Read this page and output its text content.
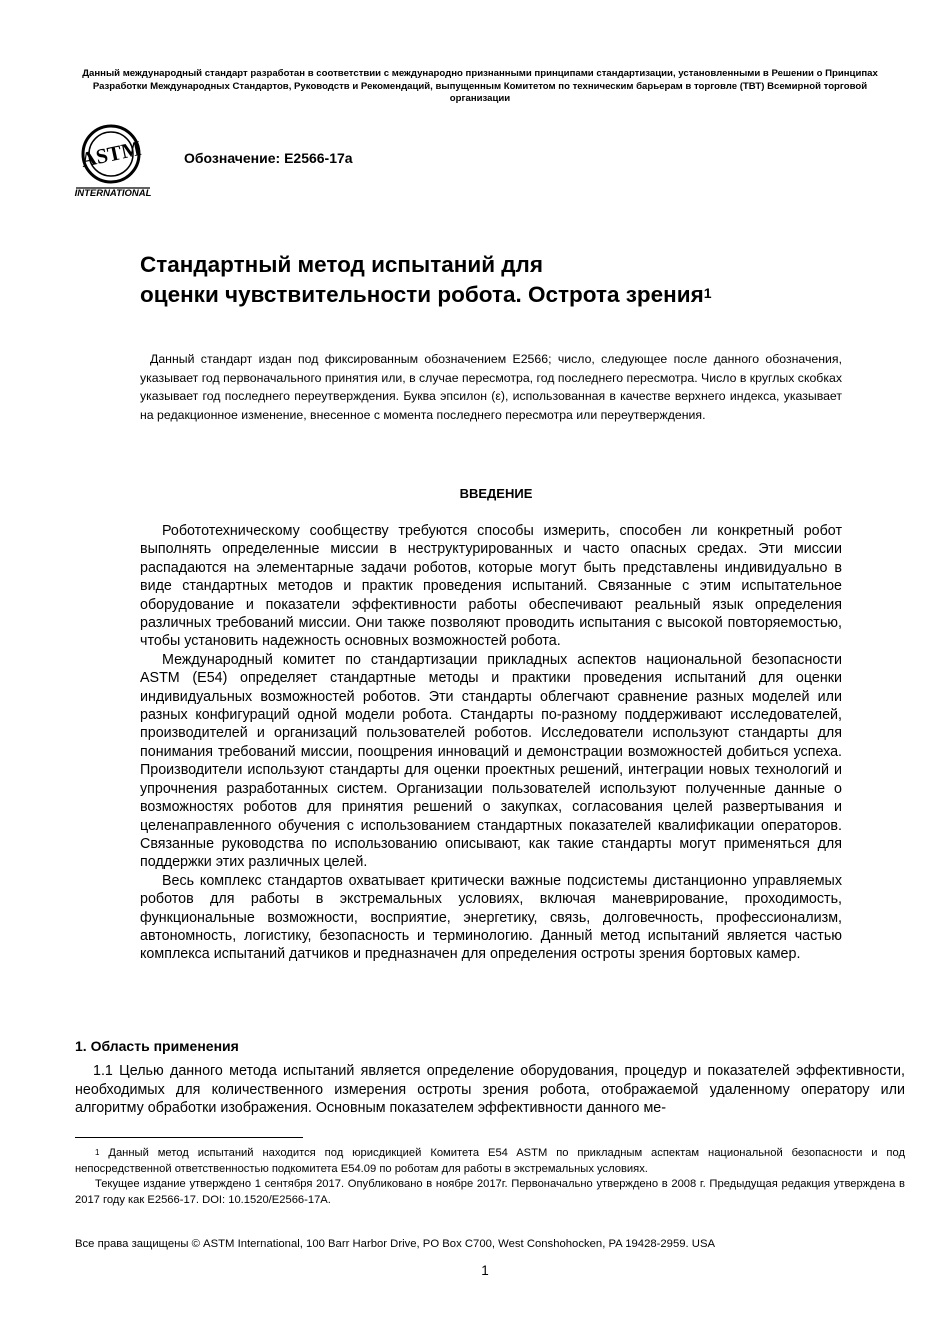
Данный международный стандарт разработан в соответствии с международно признанными принципами стандартизации, установленными в Решении о Принципах Разработки Международных Стандартов, Руководств и Рекомендаций, выпущенным Комитетом по техническим барьерам в торговле (ТВТ) Всемирной торговой организации
ASTM
INTERNATIONAL
Обозначение: E2566-17a
Стандартный метод испытаний для
оценки чувствительности робота. Острота зрения$^1$
Данный стандарт издан под фиксированным обозначением E2566; число, следующее после данного обозначения, указывает год первоначального принятия или, в случае пересмотра, год последнего пересмотра. Число в круглых скобках указывает год последнего переутверждения. Буква эпсилон (ε), использованная в качестве верхнего индекса, указывает на редакционное изменение, внесенное с момента последнего пересмотра или переутверждения.
ВВЕДЕНИЕ

Робототехническому сообществу требуются способы измерить, способен ли конкретный робот выполнять определенные миссии в неструктурированных и часто опасных средах. Эти миссии распадаются на элементарные задачи роботов, которые могут быть представлены индивидуально в виде стандартных методов и практик проведения испытаний. Связанные с этим испытательное оборудование и показатели эффективности работы обеспечивают реальный язык определения различных требований миссии. Они также позволяют проводить испытания с высокой повторяемостью, чтобы установить надежность основных возможностей робота.

Международный комитет по стандартизации прикладных аспектов национальной безопасности ASTM (E54) определяет стандартные методы и практики проведения испытаний для оценки индивидуальных возможностей роботов. Эти стандарты облегчают сравнение разных моделей или разных конфигураций одной модели робота. Стандарты по-разному поддерживают исследователей, производителей и организаций пользователей роботов. Исследователи используют стандарты для понимания требований миссии, поощрения инноваций и демонстрации возможностей добиться успеха. Производители используют стандарты для оценки проектных решений, интеграции новых технологий и упрочнения разработанных систем. Организации пользователей используют полученные данные о возможностях роботов для принятия решений о закупках, согласования целей развертывания и целенаправленного обучения с использованием стандартных показателей квалификации операторов. Связанные руководства по использованию описывают, как такие стандарты могут применяться для поддержки этих различных целей.

Весь комплекс стандартов охватывает критически важные подсистемы дистанционно управляемых роботов для работы в экстремальных условиях, включая маневрирование, проходимость, функциональные возможности, восприятие, энергетику, связь, долговечность, профессионализм, автономность, логистику, безопасность и терминологию. Данный метод испытаний является частью комплекса испытаний датчиков и предназначен для определения остроты зрения бортовых камер.

1. Область применения

1.1 Целью данного метода испытаний является определение оборудования, процедур и показателей эффективности, необходимых для количественного измерения остроты зрения робота, отображаемой удаленному оператору или алгоритму обработки изображения. Основным показателем эффективности данного ме-

$^1$ Данный метод испытаний находится под юрисдикцией Комитета E54 ASTM по прикладным аспектам национальной безопасности и под непосредственной ответственностью подкомитета E54.09 по роботам для работы в экстремальных условиях.

Текущее издание утверждено 1 сентября 2017. Опубликовано в ноябре 2017г. Первоначально утверждено в 2008 г. Предыдущая редакция утверждена в 2017 году как E2566-17. DOI: 10.1520/E2566-17A.

Все права защищены © ASTM International, 100 Barr Harbor Drive, PO Box C700, West Conshohocken, PA 19428-2959. USA
1
